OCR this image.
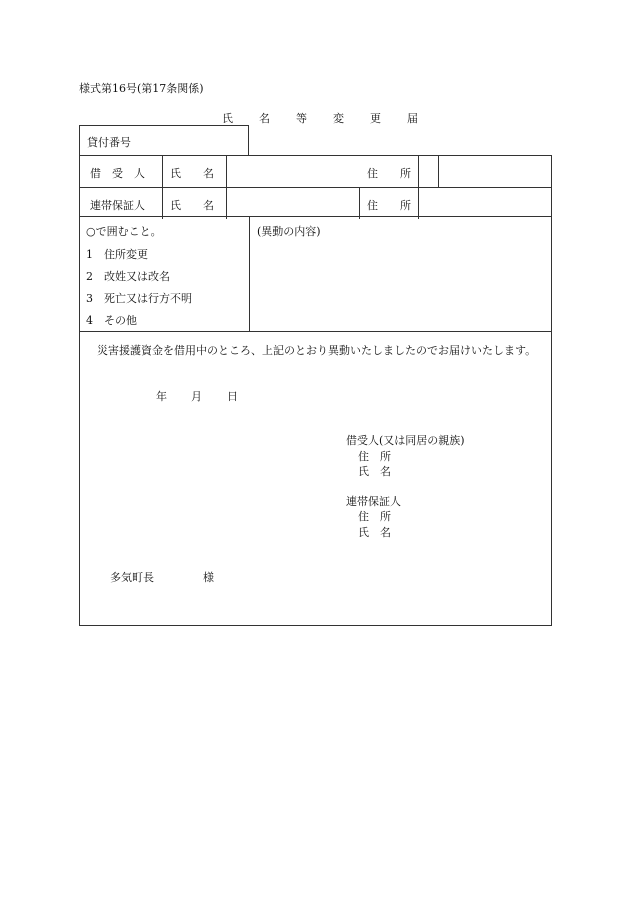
様式第16号(第17条関係)
氏 名 等 変 更 届
貸付番号
借　受　人 氏　　名	住　　所
連帯保証人 氏　　名	住　　所
○で囲むこと。
1　住所変更
2　改姓又は改名
3　死亡又は行方不明
4　その他
(異動の内容)
災害援護資金を借用中のところ、上記のとおり異動いたしましたのでお届けいたします。
年 月 日
借受人(又は同居の親族)
住　所
氏　名
連帯保証人
住　所
氏　名
多気町長	様
